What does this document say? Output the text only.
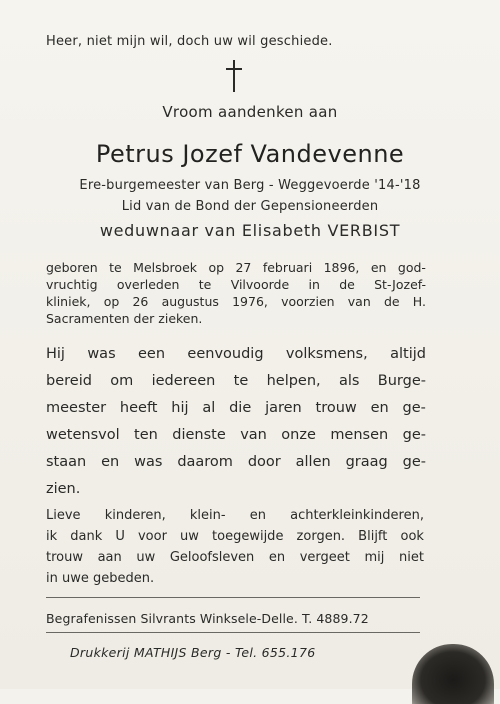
Heer, niet mijn wil, doch uw wil geschiede.
Vroom aandenken aan
Petrus Jozef Vandevenne
Ere-burgemeester van Berg - Weggevoerde '14-'18
Lid van de Bond der Gepensioneerden
weduwnaar van Elisabeth VERBIST
geboren te Melsbroek op 27 februari 1896, en god-
vruchtig overleden te Vilvoorde in de St-Jozef-
kliniek, op 26 augustus 1976, voorzien van de H.
Sacramenten der zieken.
Hij was een eenvoudig volksmens, altijd
bereid om iedereen te helpen, als Burge-
meester heeft hij al die jaren trouw en ge-
wetensvol ten dienste van onze mensen ge-
staan en was daarom door allen graag ge-
zien.
Lieve kinderen, klein- en achterkleinkinderen,
ik dank U voor uw toegewijde zorgen. Blijft ook
trouw aan uw Geloofsleven en vergeet mij niet
in uwe gebeden.
Begrafenissen Silvrants Winksele-Delle. T. 4889.72
Drukkerij MATHIJS Berg - Tel. 655.176
